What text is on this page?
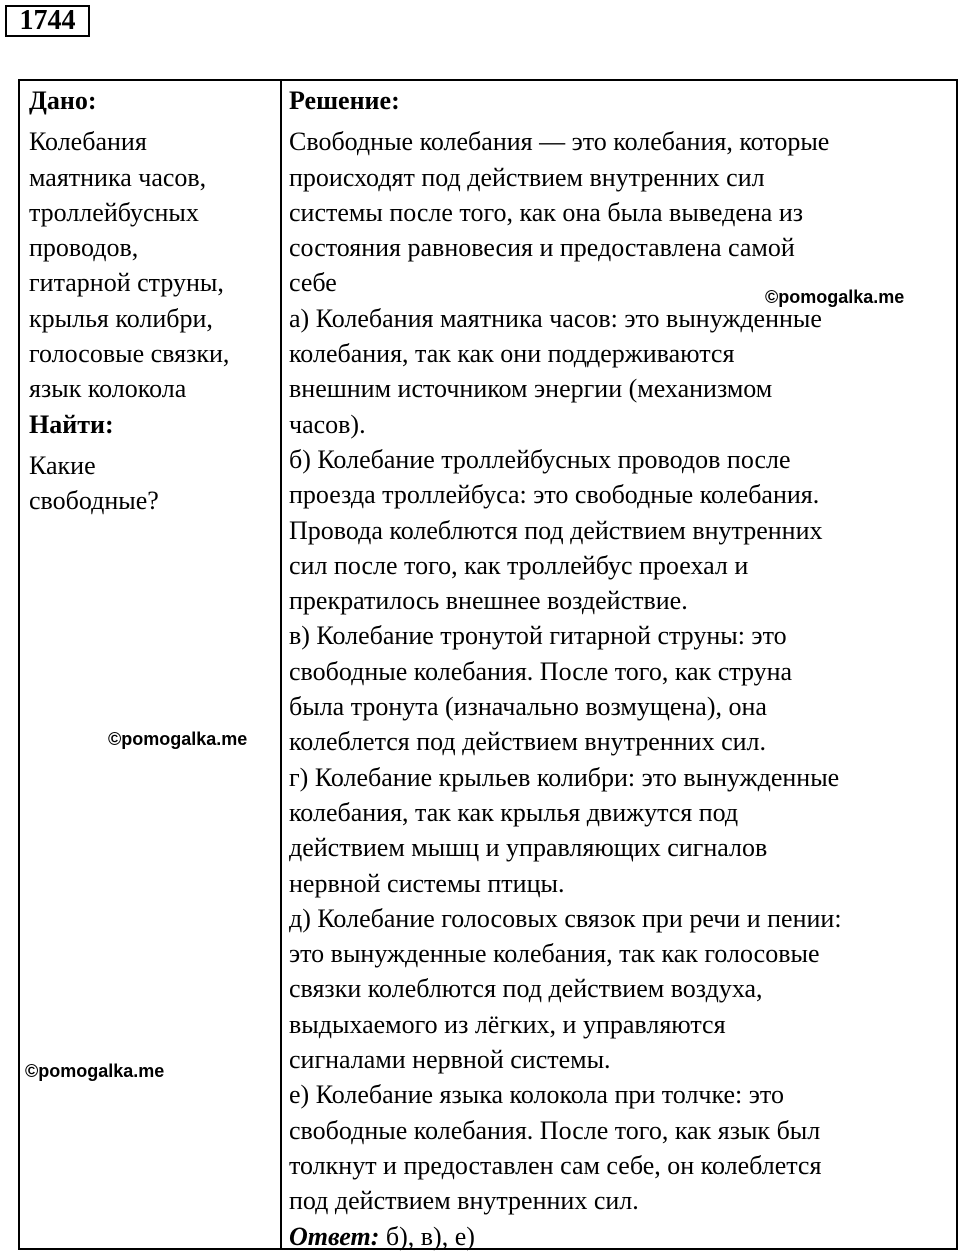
1744
Дано:
Колебания
маятника часов,
троллейбусных
проводов,
гитарной струны,
крылья колибри,
голосовые связки,
язык колокола
Найти:
Какие
свободные?
Решение:
Свободные колебания — это колебания, которые
происходят под действием внутренних сил
системы после того, как она была выведена из
состояния равновесия и предоставлена самой
себе
а) Колебания маятника часов: это вынужденные
колебания, так как они поддерживаются
внешним источником энергии (механизмом
часов).
б) Колебание троллейбусных проводов после
проезда троллейбуса: это свободные колебания.
Провода колеблются под действием внутренних
сил после того, как троллейбус проехал и
прекратилось внешнее воздействие.
в) Колебание тронутой гитарной струны: это
свободные колебания. После того, как струна
была тронута (изначально возмущена), она
колеблется под действием внутренних сил.
г) Колебание крыльев колибри: это вынужденные
колебания, так как крылья движутся под
действием мышц и управляющих сигналов
нервной системы птицы.
д) Колебание голосовых связок при речи и пении:
это вынужденные колебания, так как голосовые
связки колеблются под действием воздуха,
выдыхаемого из лёгких, и управляются
сигналами нервной системы.
е) Колебание языка колокола при толчке: это
свободные колебания. После того, как язык был
толкнут и предоставлен сам себе, он колеблется
под действием внутренних сил.
Ответ: б), в), е)
©pomogalka.me
©pomogalka.me
©pomogalka.me
